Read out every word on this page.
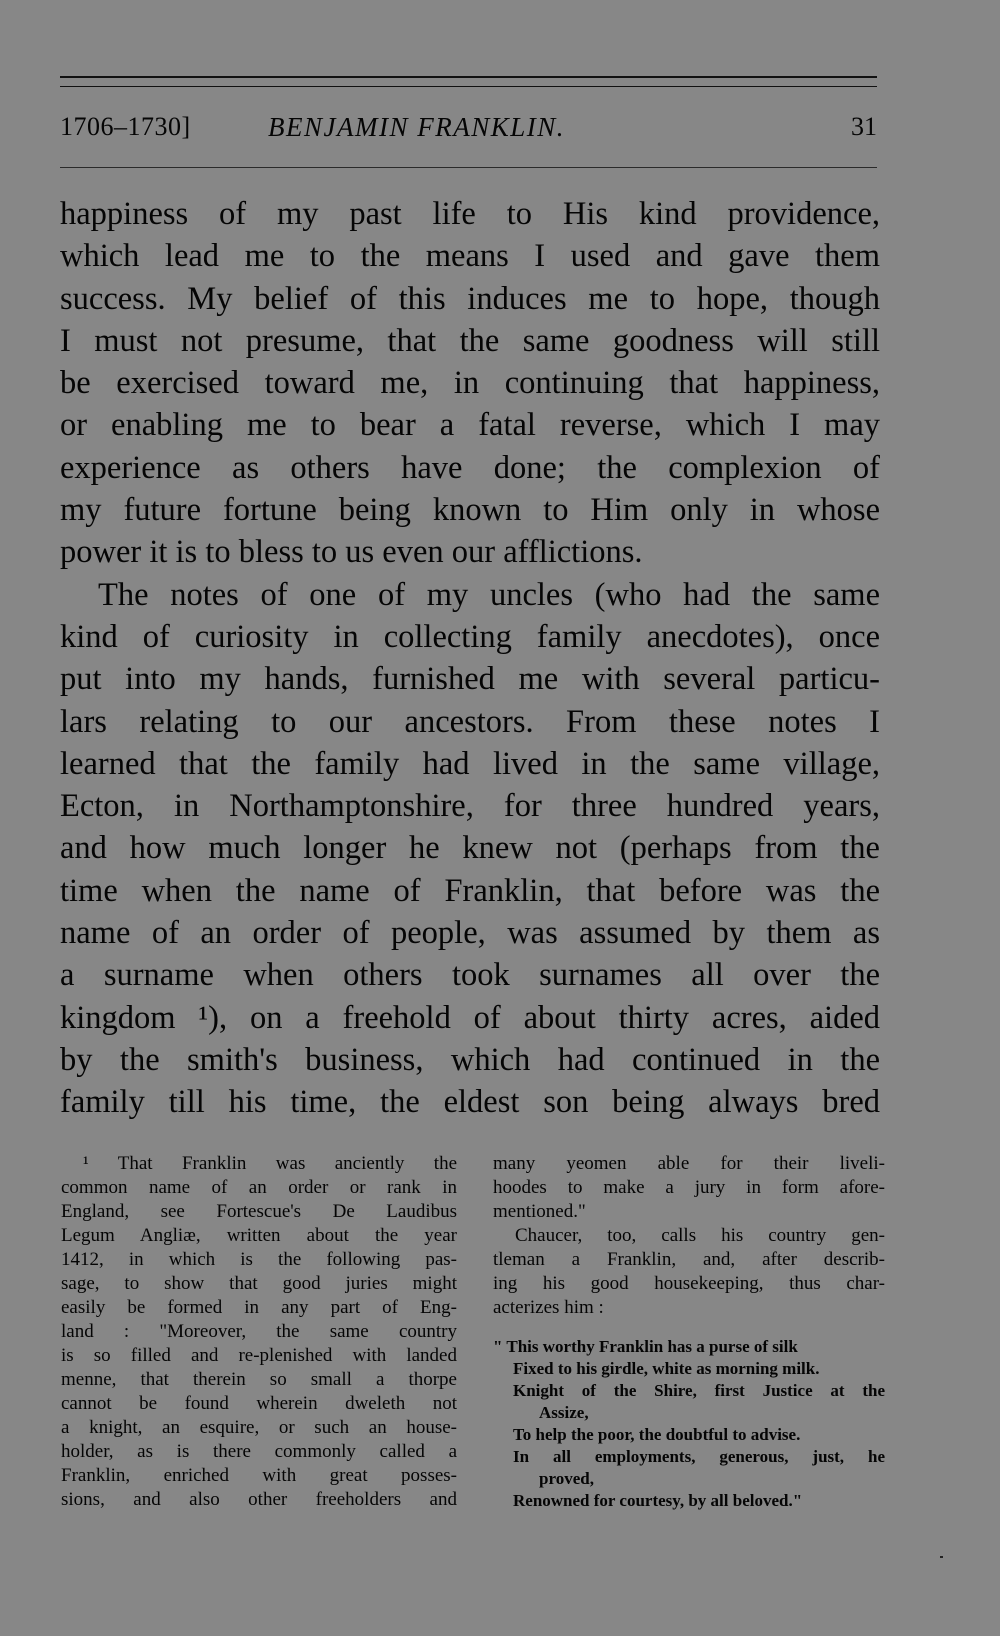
1706–1730]	BENJAMIN FRANKLIN.	31
happiness of my past life to His kind providence,
which lead me to the means I used and gave them
success. My belief of this induces me to hope, though
I must not presume, that the same goodness will still
be exercised toward me, in continuing that happiness,
or enabling me to bear a fatal reverse, which I may
experience as others have done; the complexion of
my future fortune being known to Him only in whose
power it is to bless to us even our afflictions.
The notes of one of my uncles (who had the same
kind of curiosity in collecting family anecdotes), once
put into my hands, furnished me with several particu-
lars relating to our ancestors. From these notes I
learned that the family had lived in the same village,
Ecton, in Northamptonshire, for three hundred years,
and how much longer he knew not (perhaps from the
time when the name of Franklin, that before was the
name of an order of people, was assumed by them as
a surname when others took surnames all over the
kingdom ¹), on a freehold of about thirty acres, aided
by the smith's business, which had continued in the
family till his time, the eldest son being always bred
¹ That Franklin was anciently the
common name of an order or rank in
England, see Fortescue's De Laudibus
Legum Angliæ, written about the year
1412, in which is the following pas-
sage, to show that good juries might
easily be formed in any part of Eng-
land : "Moreover, the same country
is so filled and re-plenished with landed
menne, that therein so small a thorpe
cannot be found wherein dweleth not
a knight, an esquire, or such an house-
holder, as is there commonly called a
Franklin, enriched with great posses-
sions, and also other freeholders and
many yeomen able for their liveli-
hoodes to make a jury in form afore-
mentioned."
Chaucer, too, calls his country gen-
tleman a Franklin, and, after describ-
ing his good housekeeping, thus char-
acterizes him :
" This worthy Franklin has a purse of silk
Fixed to his girdle, white as morning milk.
Knight of the Shire, first Justice at the
Assize,
To help the poor, the doubtful to advise.
In all employments, generous, just, he
proved,
Renowned for courtesy, by all beloved."
